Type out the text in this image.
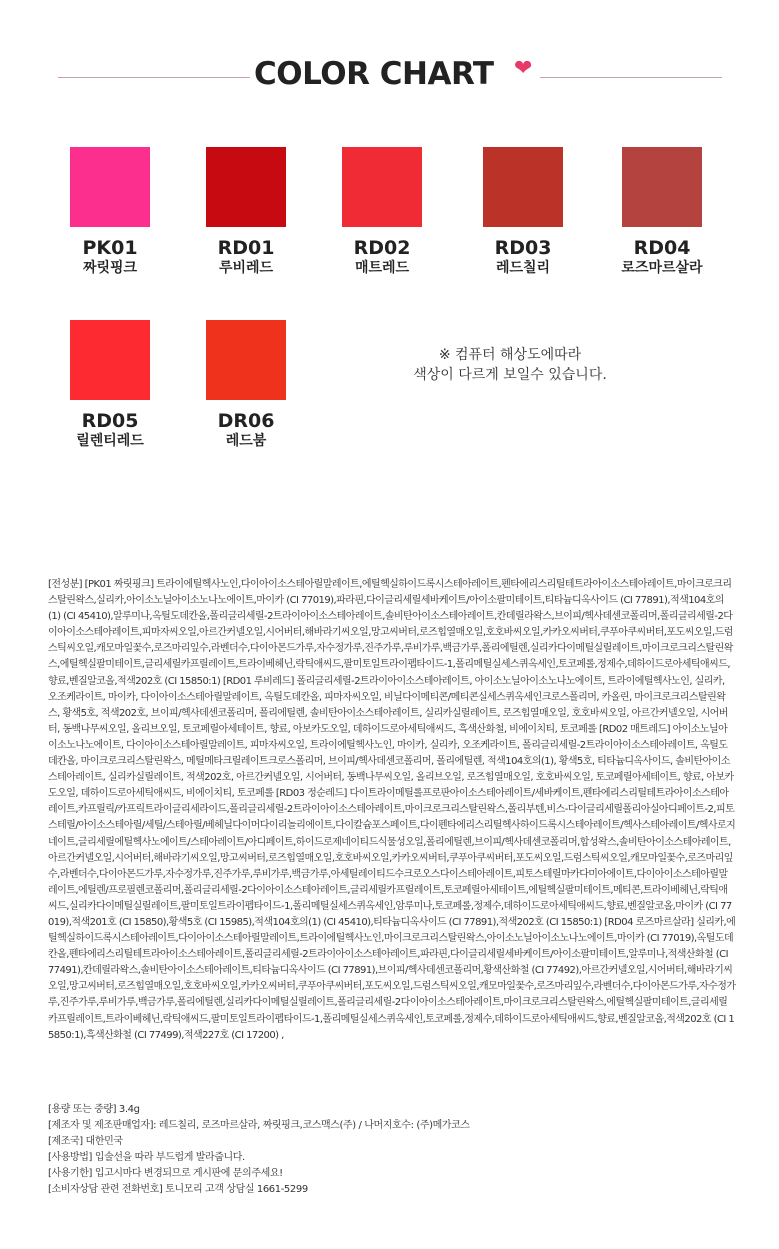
COLOR CHART ❤
PK01
짜릿핑크
RD01
루비레드
RD02
매트레드
RD03
레드칠리
RD04
로즈마르살라
RD05
릴렌티레드
DR06
레드붐
※ 컴퓨터 해상도에따라
색상이 다르게 보일수 있습니다.
[전성분] [PK01 짜릿핑크] 트라이에틸헥사노인,다이아이소스테아릴말레이트,에틸헥실하이드록시스테아레이트,펜타에리스리틸테트라아이소스테아레이트,마이크로크리스탈린왁스,실리카,아이소노닐아이소노나노에이트,마이카 (CI 77019),파라핀,다이글리세릴세바케이트/아이소팔미테이트,티타늄디옥사이드 (CI 77891),적색104호의(1) (CI 45410),알루미나,옥틸도데칸올,폴리글리세릴-2트라이아이소스테아레이트,솔비탄아이소스테아레이트,칸데릴라왁스,브이피/헥사데센코폴리머,폴리글리세릴-2다이아이소스테아레이트,피마자씨오일,아르간커넬오일,시어버터,해바라기씨오일,망고씨버터,로즈힙열매오일,호호바씨오일,카카오씨버터,쿠푸아쿠씨버터,포도씨오일,드럼스틱씨오일,캐모마일꽃수,로즈마리잎수,라벤더수,다이아몬드가루,자수정가루,진주가루,루비가루,백금가루,폴리에틸렌,실리카다이메틸실릴레이트,마이크로크리스탈린왁스,에틸헥실팔미테이트,글리세릴카프릴레이트,트라이베헤닌,락틱애씨드,팔미토일트라이펩타이드-1,폴리메틸실세스퀴옥세인,토코페롤,정제수,데하이드로아세틱애씨드,향료,벤질알코올,적색202호 (CI 15850:1) [RD01 루비레드] 폴리글리세릴-2트라이아이소스테아레이트, 아이소노닐아이소노나노에이트, 트라이에틸헥사노인, 실리카, 오조케라이트, 마이카, 다이아이소스테아릴말레이트, 옥틸도데칸올, 피마자씨오일, 비닐다이메티콘/메티콘실세스퀴옥세인크로스폴리머, 카올린, 마이크로크리스탈린왁스, 황색5호, 적색202호, 브이피/헥사데센코폴리머, 폴리에틸렌, 솔비탄아이소스테아레이트, 실리카실릴레이트, 로즈힙열매오일, 호호바씨오일, 아르간커넬오일, 시어버터, 동백나무씨오일, 올리브오일, 토코페릴아세테이트, 향료, 아보카도오일, 데하이드로아세틱애씨드, 흑색산화철, 비에이치티, 토코페롤 [RD02 매트레드] 아이소노닐아이소노나노에이트, 다이아이소스테아릴말레이트, 피마자씨오일, 트라이에틸헥사노인, 마이카, 실리카, 오조케라이트, 폴리글리세릴-2트라이아이소스테아레이트, 옥틸도데칸올, 마이크로크리스탈린왁스, 메틸메타크릴레이트크로스폴리머, 브이피/헥사데센코폴리머, 폴리에틸렌, 적색104호의(1), 황색5호, 티타늄디옥사이드, 솔비탄아이소스테아레이트, 실리카실릴레이트, 적색202호, 아르간커넬오일, 시어버터, 동백나무씨오일, 올리브오일, 로즈힙열매오일, 호호바씨오일, 토코페릴아세테이트, 향료, 아보카도오일, 데하이드로아세틱애씨드, 비에이치티, 토코페롤 [RD03 정순레드] 다이트라이메틸롤프로판아이소스테아레이트/세바케이트,펜타에리스리틸테트라아이소스테아레이트,카프릴릭/카프릭트라이글리세라이드,폴리글리세릴-2트라이아이소스테아레이트,마이크로크리스탈린왁스,폴리부텐,비스-다이글리세릴폴리아실아디페이트-2,피토스테릴/아이소스테아릴/세틸/스테아릴/베헤닐다이머다이리놀리에이트,다이칼슘포스페이트,다이펜타에리스리틸헥사하이드록시스테아레이트/헥사스테아레이트/헥사로지네이트,글리세릴에틸헥사노에이트/스테아레이트/아디페이트,하이드로제네이티드식물성오일,폴리에틸렌,브이피/헥사데센코폴리머,합성왁스,솔비탄아이소스테아레이트,아르간커넬오일,시어버터,해바라기씨오일,망고씨버터,로즈힙열매오일,호호바씨오일,카카오씨버터,쿠푸아쿠씨버터,포도씨오일,드럼스틱씨오일,캐모마일꽃수,로즈마리잎수,라벤더수,다이아몬드가루,자수정가루,진주가루,루비가루,백금가루,아세틸레이티드수크로오스다이스테아레이트,피토스테릴마카다미아에이트,다이아이소스테아릴말레이트,에틸렌/프로필렌코폴리머,폴리글리세릴-2다이아이소스테아레이트,글리세릴카프릴레이트,토코페릴아세테이트,에틸헥실팔미테이트,메티콘,트라이베헤닌,락틱애씨드,실리카다이메틸실릴레이트,팔미토일트라이펩타이드-1,폴리메틸실세스퀴옥세인,암루미나,토코페롤,정제수,데하이드로아세틱애씨드,향료,벤질알코올,마이카 (CI 77019),적색201호 (CI 15850),황색5호 (CI 15985),적색104호의(1) (CI 45410),티타늄디옥사이드 (CI 77891),적색202호 (CI 15850:1) [RD04 로즈마르살라] 실리카,에틸헥실하이드록시스테아레이트,다이아이소스테아릴말레이트,트라이에틸헥사노인,마이크로크리스탈린왁스,아이소노닐아이소노나노에이트,마이카 (CI 77019),옥틸도데칸올,펜타에리스리틸테트라아이소스테아레이트,폴리글리세릴-2트라이아이소스테아레이트,파라핀,다이글리세릴세바케이트/아이소팔미테이트,알루미나,적색산화철 (CI 77491),칸데릴라왁스,솔비탄아이소스테아레이트,티타늄디옥사이드 (CI 77891),브이피/헥사데센코폴리머,황색산화철 (CI 77492),아르간커넬오일,시어버터,해바라기씨오일,망고씨버터,로즈힙열매오일,호호바씨오일,카카오씨버터,쿠푸아쿠씨버터,포도씨오일,드럼스틱씨오일,캐모마일꽃수,로즈마리잎수,라벤더수,다이아몬드가루,자수정가루,진주가루,루비가루,백금가루,폴리에틸렌,실리카다이메틸실릴레이트,폴리글리세릴-2다이아이소스테아레이트,마이크로크리스탈린왁스,에틸헥실팔미테이트,글리세릴카프릴레이트,트라이베헤닌,락틱애씨드,팔미토일트라이펩타이드-1,폴리메틸실세스퀴옥세인,토코페롤,정제수,데하이드로아세틱애씨드,향료,벤질알코올,적색202호 (CI 15850:1),흑색산화철 (CI 77499),적색227호 (CI 17200) ,
[용량 또는 중량] 3.4g
[제조자 및 제조판매업자]: 레드칠리, 로즈마르살라, 짜릿핑크,코스맥스(주) / 나머지호수: (주)메가코스
[제조국] 대한민국
[사용방법] 입술선을 따라 부드럽게 발라줍니다.
[사용기한] 입고시마다 변경되므로 게시판에 문의주세요!
[소비자상담 관련 전화번호] 토니모리 고객 상담실 1661-5299
